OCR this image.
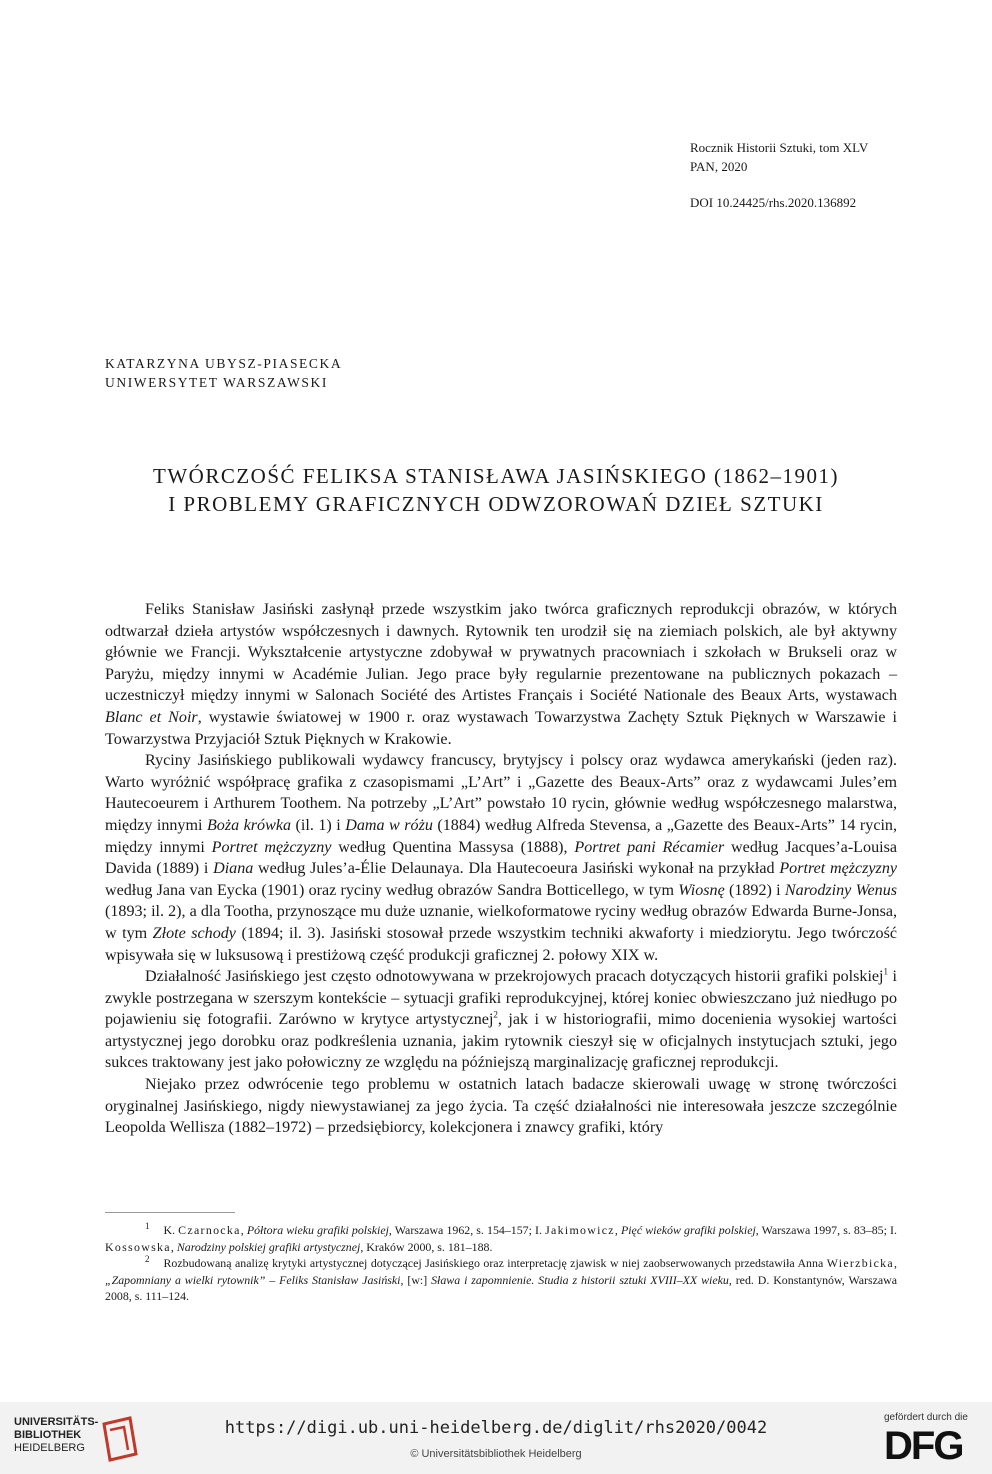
Rocznik Historii Sztuki, tom XLV
PAN, 2020
DOI 10.24425/rhs.2020.136892
KATARZYNA UBYSZ-PIASECKA
UNIWERSYTET WARSZAWSKI
TWÓRCZOŚĆ FELIKSA STANISŁAWA JASIŃSKIEGO (1862–1901)
I PROBLEMY GRAFICZNYCH ODWZOROWAŃ DZIEŁ SZTUKI

Feliks Stanisław Jasiński zasłynął przede wszystkim jako twórca graficznych reprodukcji obrazów, w których odtwarzał dzieła artystów współczesnych i dawnych. Rytownik ten urodził się na ziemiach polskich, ale był aktywny głównie we Francji. Wykształcenie artystyczne zdobywał w prywatnych pracowniach i szkołach w Brukseli oraz w Paryżu, między innymi w Académie Julian. Jego prace były regularnie prezentowane na publicznych pokazach – uczestniczył między innymi w Salonach Société des Artistes Français i Société Nationale des Beaux Arts, wystawach Blanc et Noir, wystawie światowej w 1900 r. oraz wystawach Towarzystwa Zachęty Sztuk Pięknych w Warszawie i Towarzystwa Przyjaciół Sztuk Pięknych w Krakowie.

Ryciny Jasińskiego publikowali wydawcy francuscy, brytyjscy i polscy oraz wydawca amerykański (jeden raz). Warto wyróżnić współpracę grafika z czasopismami „L’Art” i „Gazette des Beaux-Arts” oraz z wydawcami Jules’em Hautecoeurem i Arthurem Toothem. Na potrzeby „L’Art” powstało 10 rycin, głównie według współczesnego malarstwa, między innymi Boża krówka (il. 1) i Dama w różu (1884) według Alfreda Stevensa, a „Gazette des Beaux-Arts” 14 rycin, między innymi Portret mężczyzny według Quentina Massysa (1888), Portret pani Récamier według Jacques’a-Louisa Davida (1889) i Diana według Jules’a-Élie Delaunaya. Dla Hautecoeura Jasiński wykonał na przykład Portret mężczyzny według Jana van Eycka (1901) oraz ryciny według obrazów Sandra Botticellego, w tym Wiosnę (1892) i Narodziny Wenus (1893; il. 2), a dla Tootha, przynoszące mu duże uznanie, wielkoformatowe ryciny według obrazów Edwarda Burne-Jonsa, w tym Złote schody (1894; il. 3). Jasiński stosował przede wszystkim techniki akwaforty i miedziorytu. Jego twórczość wpisywała się w luksusową i prestiżową część produkcji graficznej 2. połowy XIX w.

Działalność Jasińskiego jest często odnotowywana w przekrojowych pracach dotyczących historii grafiki polskiej$^1$ i zwykle postrzegana w szerszym kontekście – sytuacji grafiki reprodukcyjnej, której koniec obwieszczano już niedługo po pojawieniu się fotografii. Zarówno w krytyce artystycznej$^2$, jak i w historiografii, mimo docenienia wysokiej wartości artystycznej jego dorobku oraz podkreślenia uznania, jakim rytownik cieszył się w oficjalnych instytucjach sztuki, jego sukces traktowany jest jako połowiczny ze względu na późniejszą marginalizację graficznej reprodukcji.

Niejako przez odwrócenie tego problemu w ostatnich latach badacze skierowali uwagę w stronę twórczości oryginalnej Jasińskiego, nigdy niewystawianej za jego życia. Ta część działalności nie interesowała jeszcze szczególnie Leopolda Wellisza (1882–1972) – przedsiębiorcy, kolekcjonera i znawcy grafiki, który

$^1$ K. Czarnocka, Półtora wieku grafiki polskiej, Warszawa 1962, s. 154–157; I. Jakimowicz, Pięć wieków grafiki polskiej, Warszawa 1997, s. 83–85; I. Kossowska, Narodziny polskiej grafiki artystycznej, Kraków 2000, s. 181–188.

$^2$ Rozbudowaną analizę krytyki artystycznej dotyczącej Jasińskiego oraz interpretację zjawisk w niej zaobserwowanych przedstawiła Anna Wierzbicka, „Zapomniany a wielki rytownik” – Feliks Stanisław Jasiński, [w:] Sława i zapomnienie. Studia z historii sztuki XVIII–XX wieku, red. D. Konstantynów, Warszawa 2008, s. 111–124.

UNIVERSITÄTS-
BIBLIOTHEK
HEIDELBERG
https://digi.ub.uni-heidelberg.de/diglit/rhs2020/0042
© Universitätsbibliothek Heidelberg
gefördert durch die
DFG
